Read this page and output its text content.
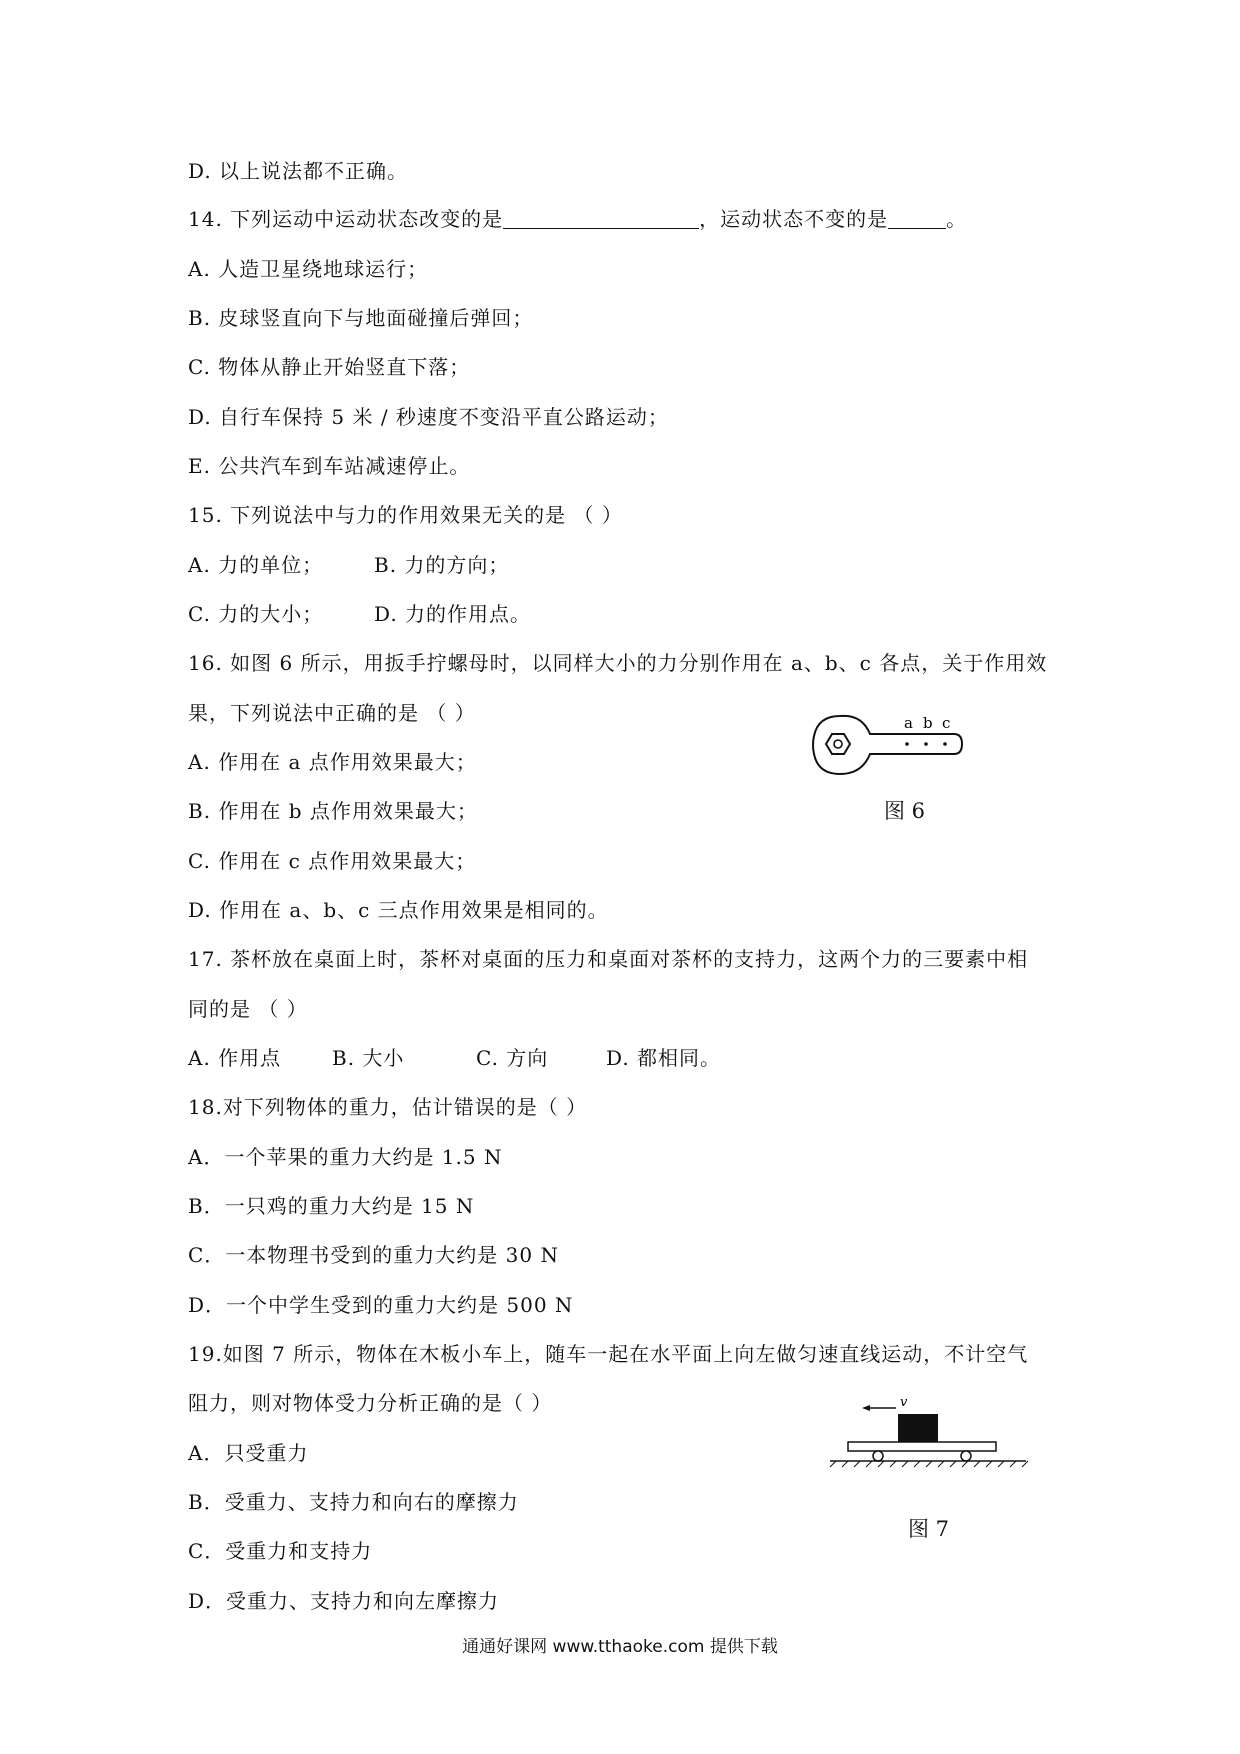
D. 以上说法都不正确。
14. 下列运动中运动状态改变的是	，运动状态不变的是	。
A. 人造卫星绕地球运行；
B. 皮球竖直向下与地面碰撞后弹回；
C. 物体从静止开始竖直下落；
D. 自行车保持 5 米 / 秒速度不变沿平直公路运动；
E. 公共汽车到车站减速停止。
15. 下列说法中与力的作用效果无关的是 （ ）
A. 力的单位；	B. 力的方向；
C. 力的大小；	D. 力的作用点。
16. 如图 6 所示，用扳手拧螺母时，以同样大小的力分别作用在 a、b、c 各点，关于作用效
果，下列说法中正确的是 （ ）
A. 作用在 a 点作用效果最大；
B. 作用在 b 点作用效果最大；
C. 作用在 c 点作用效果最大；
D. 作用在 a、b、c 三点作用效果是相同的。
a b c
图 6
17. 茶杯放在桌面上时，茶杯对桌面的压力和桌面对茶杯的支持力，这两个力的三要素中相
同的是 （ ）
A. 作用点	B. 大小	C. 方向	D. 都相同。
18.对下列物体的重力，估计错误的是（ ）
A．一个苹果的重力大约是 1.5 N
B．一只鸡的重力大约是 15 N
C．一本物理书受到的重力大约是 30 N
D．一个中学生受到的重力大约是 500 N
19.如图 7 所示，物体在木板小车上，随车一起在水平面上向左做匀速直线运动，不计空气
阻力，则对物体受力分析正确的是（ ）
A．只受重力
B．受重力、支持力和向右的摩擦力
C．受重力和支持力
D．受重力、支持力和向左摩擦力
v
图 7
通通好课网 www.tthaoke.com 提供下载
